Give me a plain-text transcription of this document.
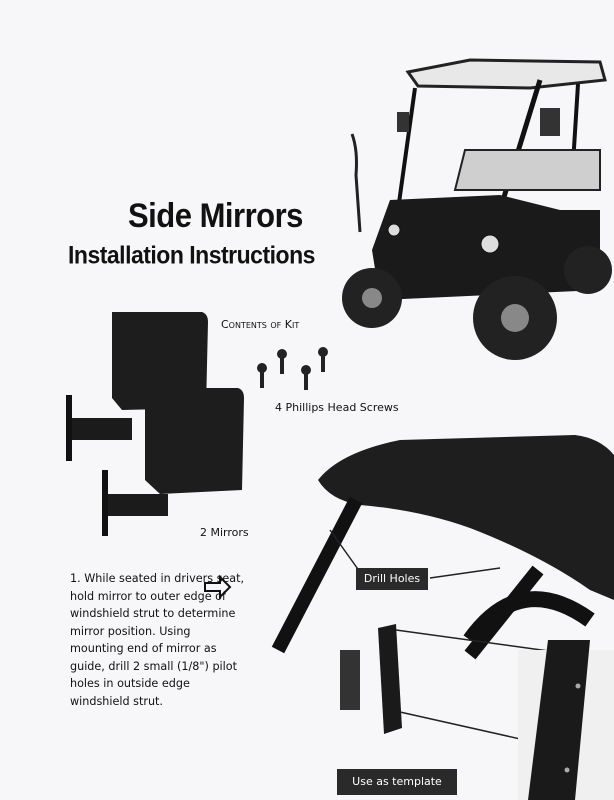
Side Mirrors
Installation Instructions
Contents of Kit
4 Phillips Head Screws
2 Mirrors
1. While seated in drivers seat, hold mirror to outer edge of windshield strut to determine mirror position. Using mounting end of mirror as guide, drill 2 small (1/8") pilot holes in outside edge windshield strut.
Drill Holes
Use as template
